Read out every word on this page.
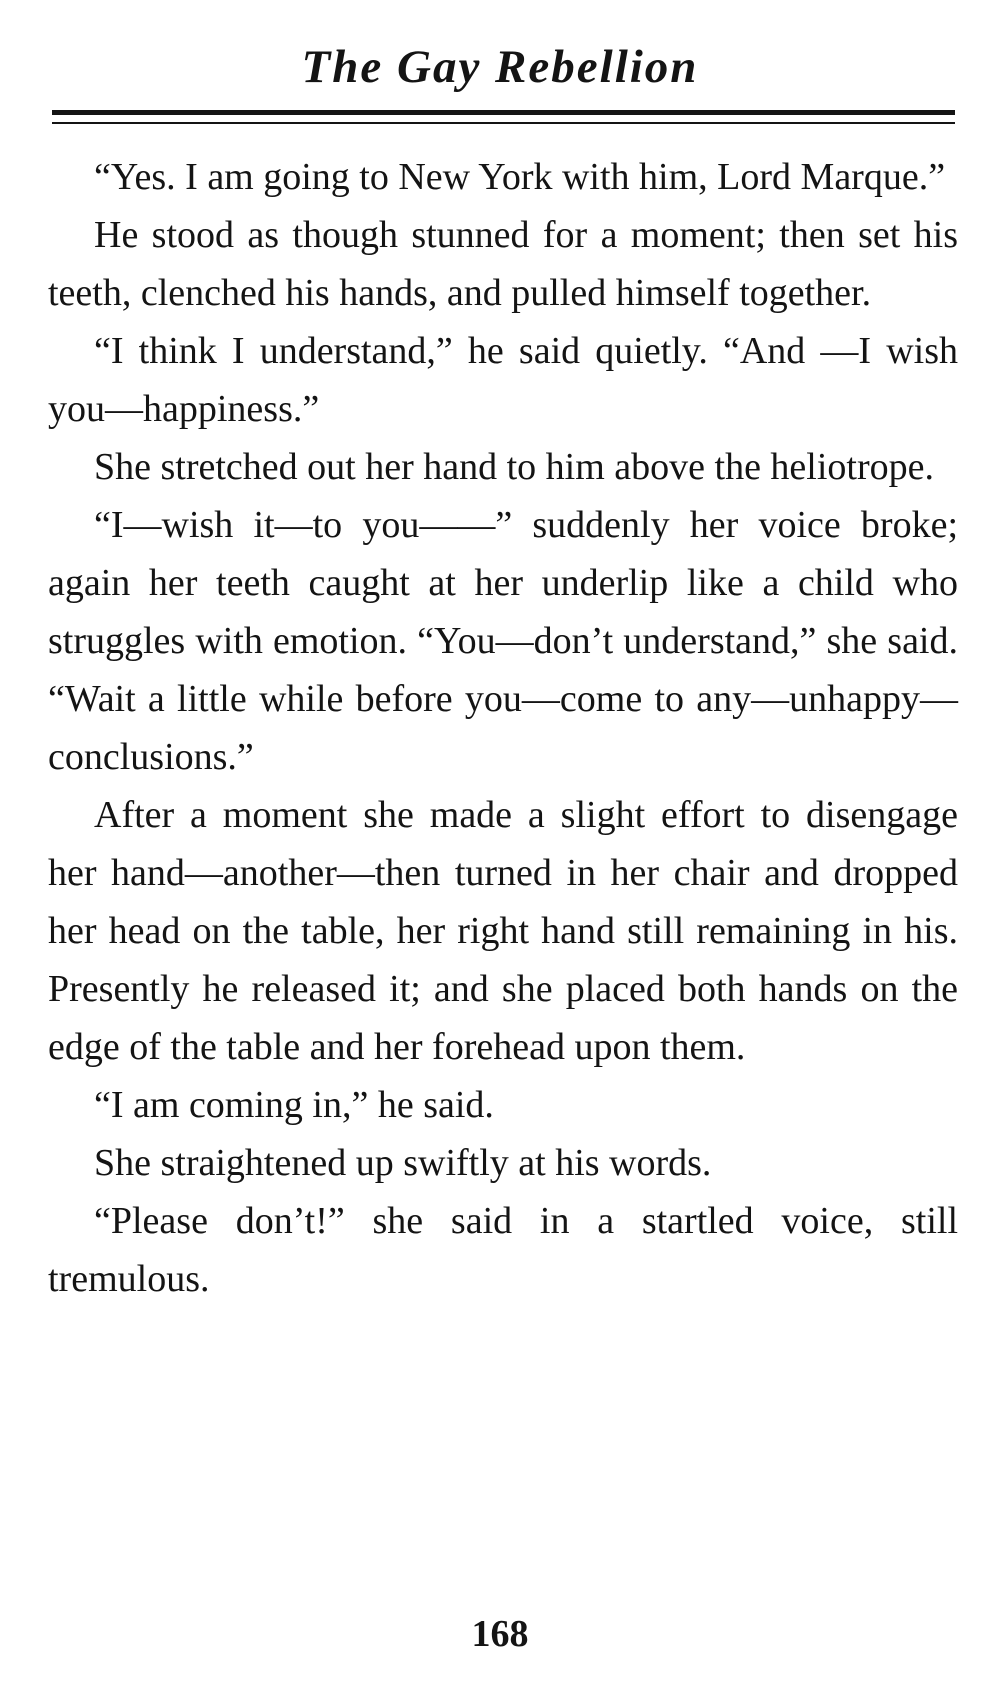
The Gay Rebellion

“Yes. I am going to New York with him, Lord Marque.”

He stood as though stunned for a moment; then set his teeth, clenched his hands, and pulled himself together.

“I think I understand,” he said quietly. “And —I wish you—happiness.”

She stretched out her hand to him above the heliotrope.

“I—wish it—to you——” suddenly her voice broke; again her teeth caught at her underlip like a child who struggles with emotion. “You—don’t understand,” she said. “Wait a little while before you—come to any—unhappy—conclusions.”

After a moment she made a slight effort to disengage her hand—another—then turned in her chair and dropped her head on the table, her right hand still remaining in his. Presently he released it; and she placed both hands on the edge of the table and her forehead upon them.

“I am coming in,” he said.

She straightened up swiftly at his words.

“Please don’t!” she said in a startled voice, still tremulous.

168
